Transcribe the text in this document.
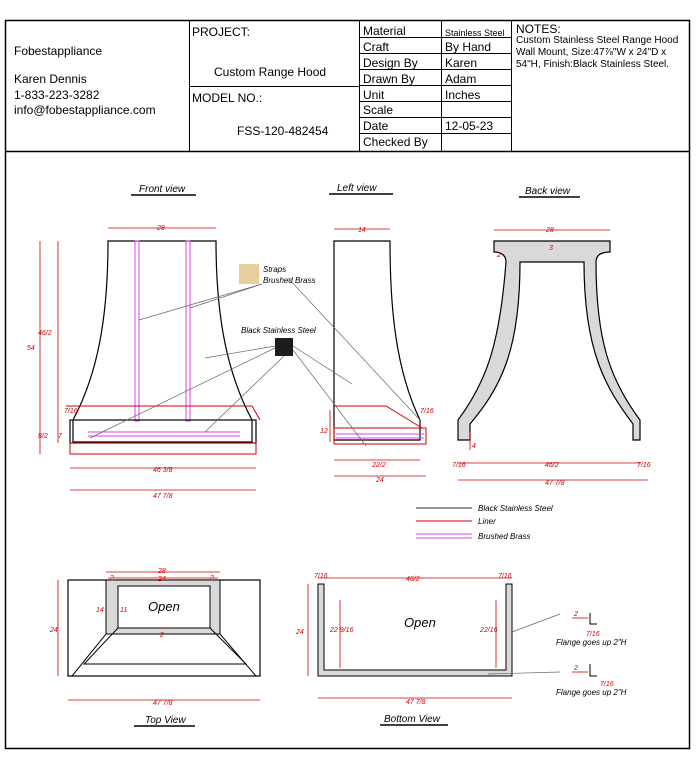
Fobestappliance
Karen Dennis
1-833-223-3282
info@fobestappliance.com
PROJECT:
Custom Range Hood
MODEL NO.:
FSS-120-482454
Material	Stainless Steel
Craft	By Hand
Design By Karen
Drawn By Adam
Unit	Inches
Scale
Date	12-05-23
Checked By
NOTES:
Custom Stainless Steel Range Hood Wall Mount, Size:47⅞"W x 24"D x 54"H, Finish:Black Stainless Steel.
Front view	Left view	Back view
Top View	Bottom View
28
46/2
54
8/2 7
7/16
46 3/8
47 7/8
14
7/16
12
22/2
24
28
3
2
4
7/16	46/2	7/16
47 7/8
Straps
Brushed Brass
Black Stainless Steel
Black Stainless Steel
Liner
Brushed Brass
28
2	24	2
14 11
2
24
47 7/8
Open
7/16	46/2	7/16
24	22 9/16	22/16
47 7/8
Open
2
7/16
Flange goes up 2"H
2
7/16
Flange goes up 2"H
